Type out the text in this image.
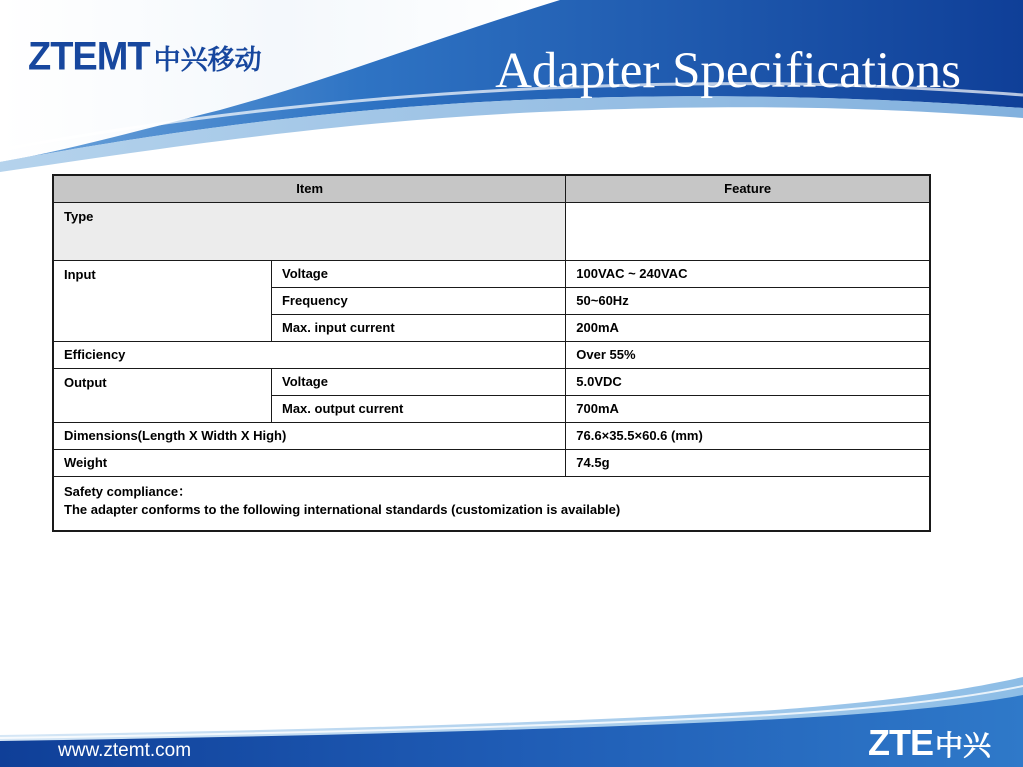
ZTEMT 中兴移动	Adapter Specifications
Item		Feature
Type		
Input	Voltage	100VAC ~ 240VAC
	Frequency	50~60Hz
	Max. input current	200mA
Efficiency		Over 55%
Output	Voltage	5.0VDC
	Max. output current	700mA
Dimensions(Length X Width X High)		76.6×35.5×60.6 (mm)
Weight		74.5g

Safety compliance：
The adapter conforms to the following international standards (customization is available)		
www.ztemt.com	ZTE 中兴
